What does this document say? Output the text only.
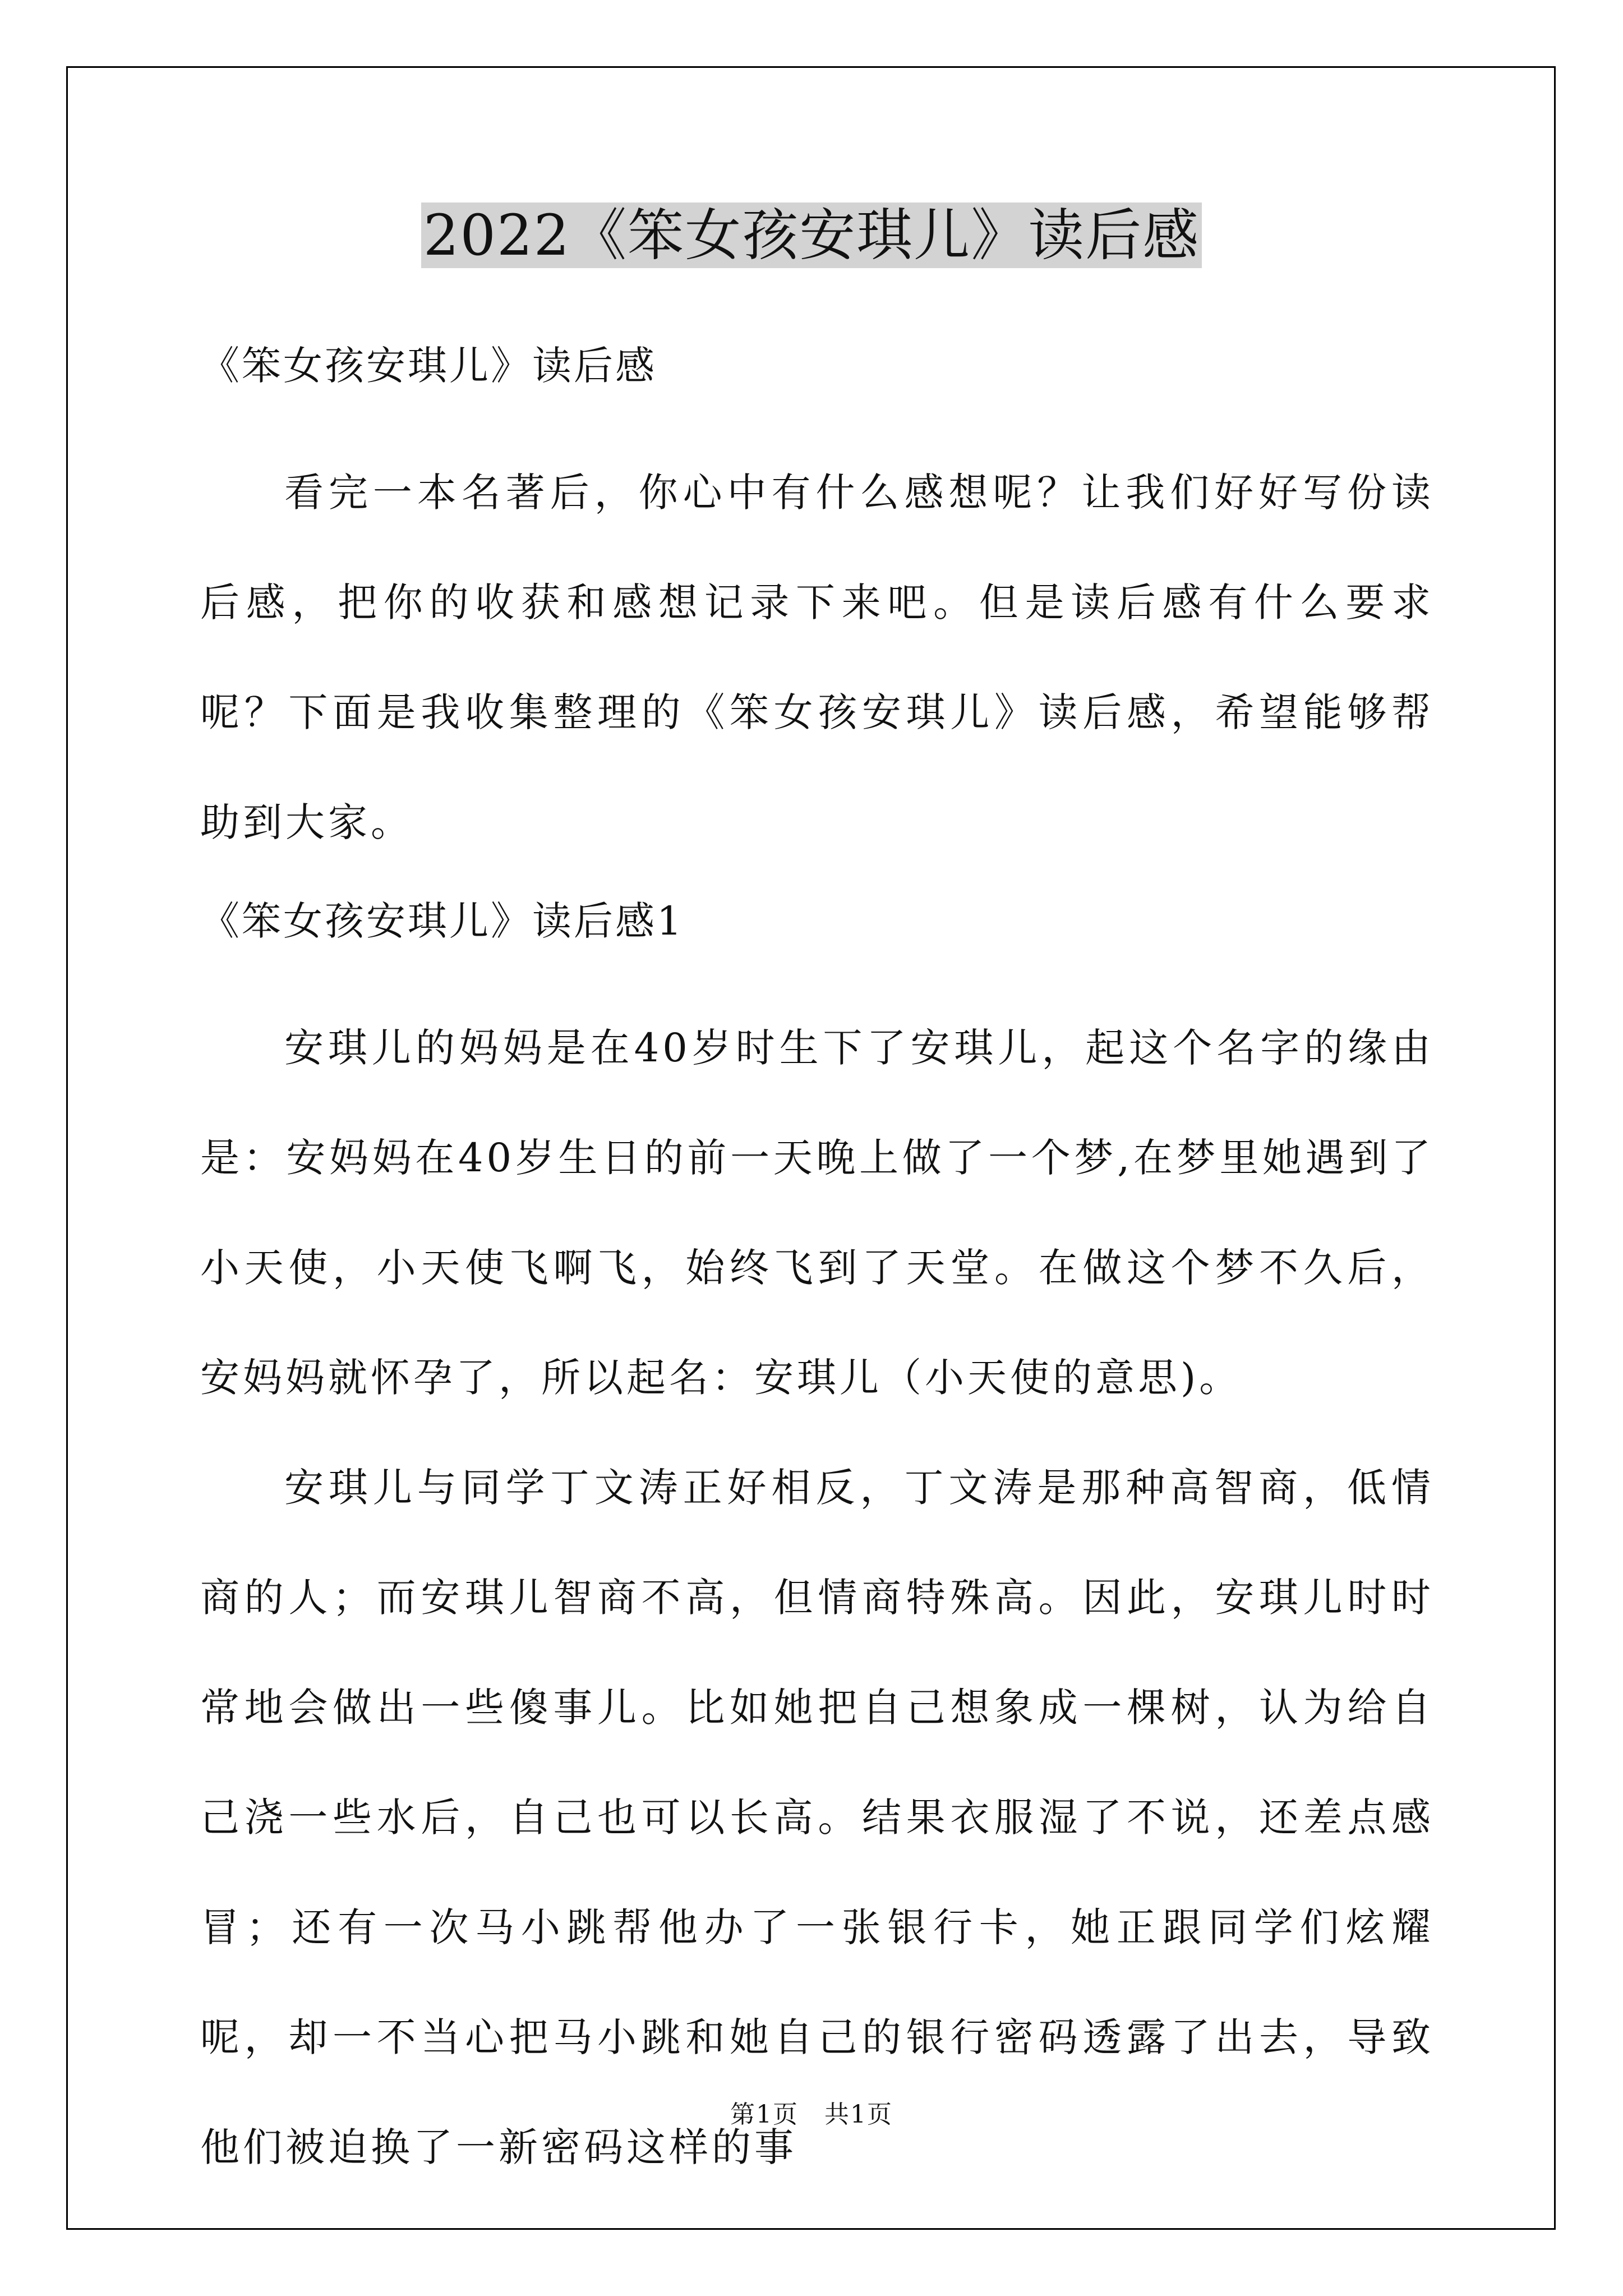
2022《笨女孩安琪儿》读后感
《笨女孩安琪儿》读后感

看完一本名著后，你心中有什么感想呢？让我们好好写份读后感，把你的收获和感想记录下来吧。但是读后感有什么要求呢？下面是我收集整理的《笨女孩安琪儿》读后感，希望能够帮助到大家。

《笨女孩安琪儿》读后感1

安琪儿的妈妈是在40岁时生下了安琪儿，起这个名字的缘由是：安妈妈在40岁生日的前一天晚上做了一个梦,在梦里她遇到了小天使，小天使飞啊飞，始终飞到了天堂。在做这个梦不久后，安妈妈就怀孕了，所以起名：安琪儿（小天使的意思)。

安琪儿与同学丁文涛正好相反，丁文涛是那种高智商，低情商的人；而安琪儿智商不高，但情商特殊高。因此，安琪儿时时常地会做出一些傻事儿。比如她把自己想象成一棵树，认为给自己浇一些水后，自己也可以长高。结果衣服湿了不说，还差点感冒；还有一次马小跳帮他办了一张银行卡，她正跟同学们炫耀呢，却一不当心把马小跳和她自己的银行密码透露了出去，导致他们被迫换了一新密码这样的事

第1页　共1页
